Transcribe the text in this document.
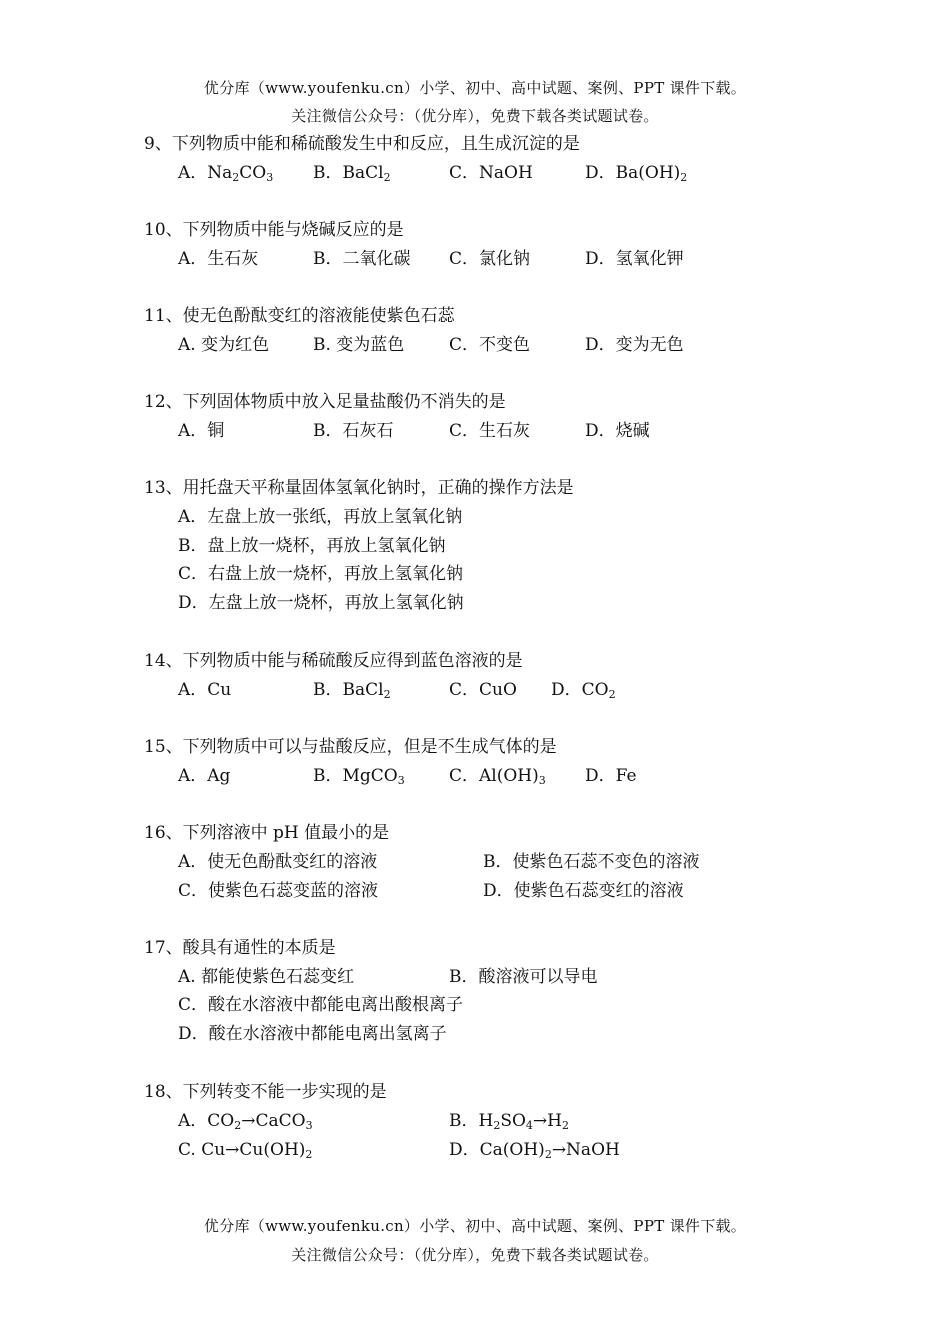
优分库（www.youfenku.cn）小学、初中、高中试题、案例、PPT 课件下载。
关注微信公众号：（优分库），免费下载各类试题试卷。
9、下列物质中能和稀硫酸发生中和反应，且生成沉淀的是
A．$Na_2CO_3$ B．BaCl$_2$	C．NaOH	D．$Ba(OH)_2$
10、下列物质中能与烧碱反应的是
A．生石灰	B．二氧化碳 C．氯化钠	D．氢氧化钾
11、使无色酚酞变红的溶液能使紫色石蕊
A. 变为红色	B. 变为蓝色	C．不变色	D．变为无色
12、下列固体物质中放入足量盐酸仍不消失的是
A．铜	B．石灰石	C．生石灰	D．烧碱
13、用托盘天平称量固体氢氧化钠时，正确的操作方法是
A．左盘上放一张纸，再放上氢氧化钠
B．盘上放一烧杯，再放上氢氧化钠
C．右盘上放一烧杯，再放上氢氧化钠
D．左盘上放一烧杯，再放上氢氧化钠
14、下列物质中能与稀硫酸反应得到蓝色溶液的是
A．Cu	B．BaCl$_2$	C．CuO D．$CO_2$
15、下列物质中可以与盐酸反应，但是不生成气体的是
A．Ag	B．MgCO$_3$	C．$Al(OH)_3$ D．Fe
16、下列溶液中 pH 值最小的是
A．使无色酚酞变红的溶液	B．使紫色石蕊不变色的溶液
C．使紫色石蕊变蓝的溶液	D．使紫色石蕊变红的溶液
17、酸具有通性的本质是
A. 都能使紫色石蕊变红	B．酸溶液可以导电
C．酸在水溶液中都能电离出酸根离子
D．酸在水溶液中都能电离出氢离子
18、下列转变不能一步实现的是
A．$CO_2\to CaCO_3$	B．$H_2SO_4\to H_2$
C. $Cu\to Cu(OH)_2$	D．$Ca(OH)_2\to NaOH$
优分库（www.youfenku.cn）小学、初中、高中试题、案例、PPT 课件下载。
关注微信公众号：（优分库），免费下载各类试题试卷。
